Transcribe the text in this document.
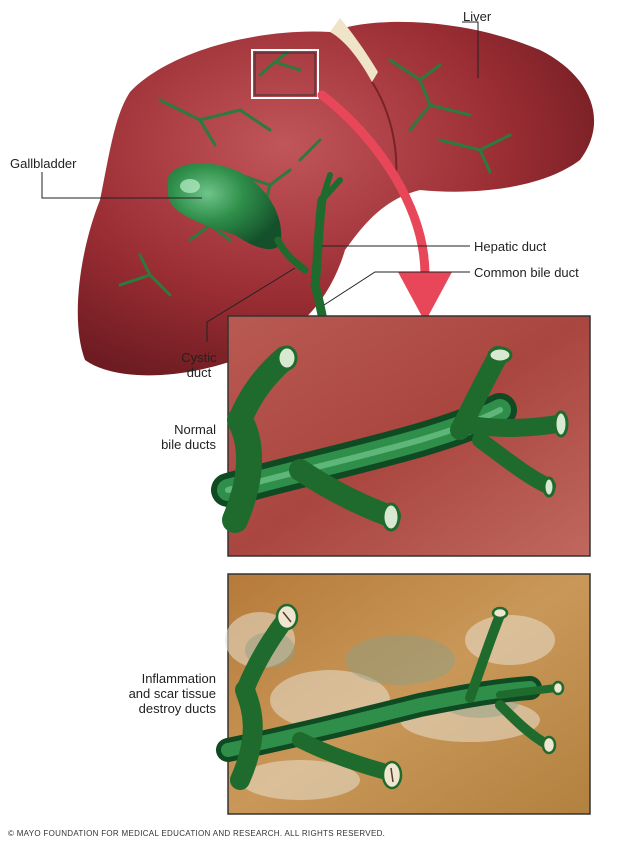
Liver
Gallbladder
Hepatic duct
Common bile duct
Cystic
duct
Normal
bile ducts
Inflammation
and scar tissue
destroy ducts
© MAYO FOUNDATION FOR MEDICAL EDUCATION AND RESEARCH. ALL RIGHTS RESERVED.
